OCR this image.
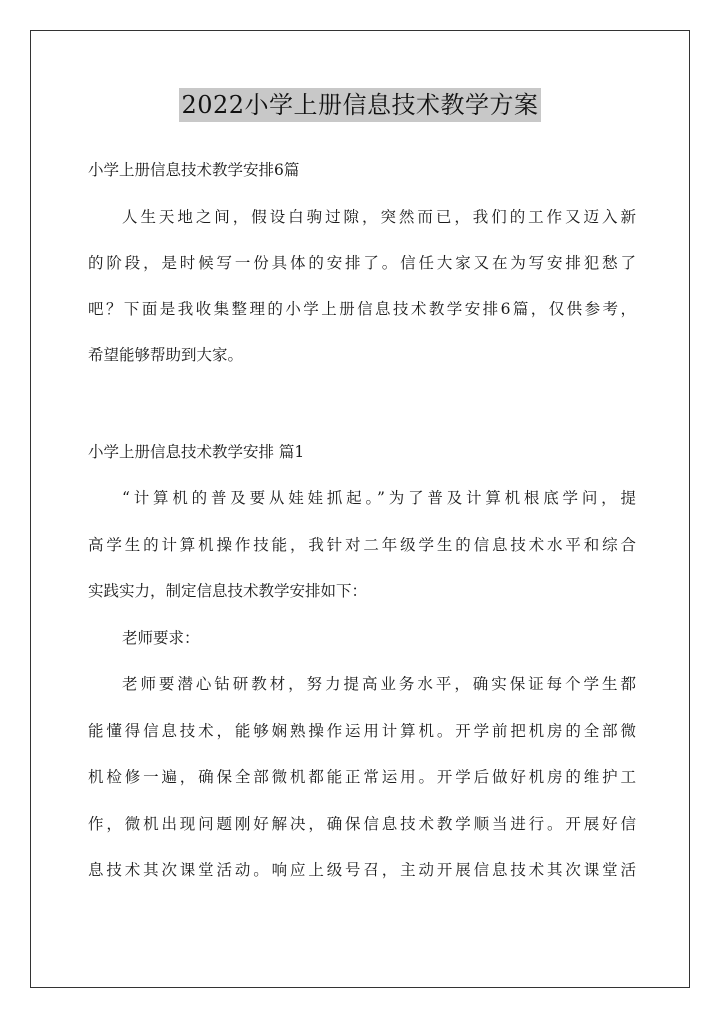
2022小学上册信息技术教学方案
小学上册信息技术教学安排6篇
人生天地之间，假设白驹过隙，突然而已，我们的工作又迈入新
的阶段，是时候写一份具体的安排了。信任大家又在为写安排犯愁了
吧？下面是我收集整理的小学上册信息技术教学安排6篇，仅供参考，
希望能够帮助到大家。
小学上册信息技术教学安排 篇1
“计算机的普及要从娃娃抓起。”为了普及计算机根底学问，提
高学生的计算机操作技能，我针对二年级学生的信息技术水平和综合
实践实力，制定信息技术教学安排如下：
老师要求：
老师要潜心钻研教材，努力提高业务水平，确实保证每个学生都
能懂得信息技术，能够娴熟操作运用计算机。开学前把机房的全部微
机检修一遍，确保全部微机都能正常运用。开学后做好机房的维护工
作，微机出现问题刚好解决，确保信息技术教学顺当进行。开展好信
息技术其次课堂活动。响应上级号召，主动开展信息技术其次课堂活
